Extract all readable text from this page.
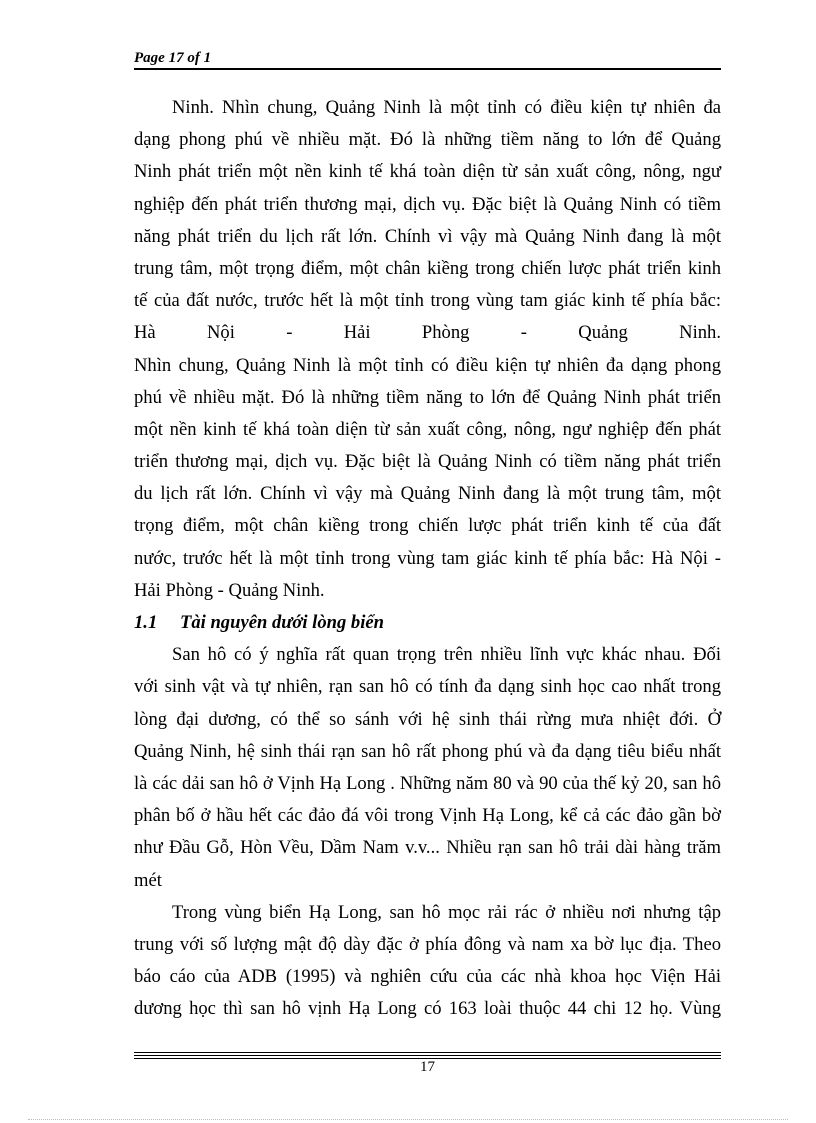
Page 17 of 1
Ninh. Nhìn chung, Quảng Ninh là một tỉnh có điều kiện tự nhiên đa
dạng phong phú về nhiều mặt. Đó là những tiềm năng to lớn để Quảng
Ninh phát triển một nền kinh tế khá toàn diện từ sản xuất công, nông, ngư
nghiệp đến phát triển thương mại, dịch vụ. Đặc biệt là Quảng Ninh có tiềm
năng phát triển du lịch rất lớn. Chính vì vậy mà Quảng Ninh đang là một
trung tâm, một trọng điểm, một chân kiềng trong chiến lược phát triển kinh
tế của đất nước, trước hết là một tỉnh trong vùng tam giác kinh tế phía bắc:
Hà Nội - Hải Phòng - Quảng Ninh.
Nhìn chung, Quảng Ninh là một tỉnh có điều kiện tự nhiên đa dạng phong
phú về nhiều mặt. Đó là những tiềm năng to lớn để Quảng Ninh phát triển
một nền kinh tế khá toàn diện từ sản xuất công, nông, ngư nghiệp đến phát
triển thương mại, dịch vụ. Đặc biệt là Quảng Ninh có tiềm năng phát triển
du lịch rất lớn. Chính vì vậy mà Quảng Ninh đang là một trung tâm, một
trọng điểm, một chân kiềng trong chiến lược phát triển kinh tế của đất
nước, trước hết là một tỉnh trong vùng tam giác kinh tế phía bắc: Hà Nội -
Hải Phòng - Quảng Ninh.
1.1 Tài nguyên dưới lòng biển
San hô có ý nghĩa rất quan trọng trên nhiều lĩnh vực khác nhau. Đối
với sinh vật và tự nhiên, rạn san hô có tính đa dạng sinh học cao nhất trong
lòng đại dương, có thể so sánh với hệ sinh thái rừng mưa nhiệt đới. Ở
Quảng Ninh, hệ sinh thái rạn san hô rất phong phú và đa dạng tiêu biểu nhất
là các dải san hô ở Vịnh Hạ Long . Những năm 80 và 90 của thế kỷ 20, san hô
phân bố ở hầu hết các đảo đá vôi trong Vịnh Hạ Long, kể cả các đảo gần bờ
như Đầu Gỗ, Hòn Vều, Dầm Nam v.v... Nhiều rạn san hô trải dài hàng trăm
mét
Trong vùng biển Hạ Long, san hô mọc rải rác ở nhiều nơi nhưng tập
trung với số lượng mật độ dày đặc ở phía đông và nam xa bờ lục địa. Theo
báo cáo của ADB (1995) và nghiên cứu của các nhà khoa học Viện Hải
dương học thì san hô vịnh Hạ Long có 163 loài thuộc 44 chi 12 họ. Vùng
17
